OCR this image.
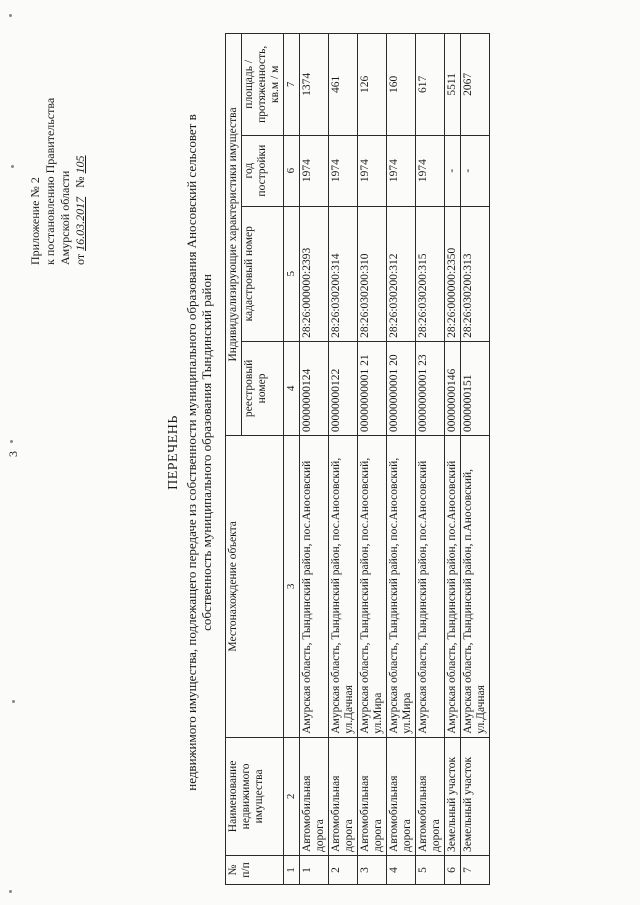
3
Приложение № 2 к постановлению Правительства Амурской области от 16.03.2017   № 105
ПЕРЕЧЕНЬ недвижимого имущества, подлежащего передаче из собственности муниципального образования Аносовский сельсовет в собственность муниципального образования Тындинский район
№ п/п	Наименование недвижимого имущества	Местонахождение объекта	Индивидуализирующие характеристики имущества			
			реестровый номер	кадастровый номер	год постройки	площадь / протяженность, кв.м / м
1	2	3	4	5	6	7
1	Автомобильная дорога	Амурская область, Тындинский район, пос.Аносовский	00000000124	28:26:000000:2393	1974	1374
2	Автомобильная дорога	Амурская область, Тындинский район, пос.Аносовский, ул.Дачная	00000000122	28:26:030200:314	1974	461
3	Автомобильная дорога	Амурская область, Тындинский район, пос.Аносовский, ул.Мира	00000000001 21	28:26:030200:310	1974	126
4	Автомобильная дорога	Амурская область, Тындинский район, пос.Аносовский, ул.Мира	00000000001 20	28:26:030200:312	1974	160
5	Автомобильная дорога	Амурская область, Тындинский район, пос.Аносовский	00000000001 23	28:26:030200:315	1974	617
6	Земельный участок	Амурская область, Тындинский район, пос.Аносовский	00000000146	28:26:000000:2350	-	5511
7	Земельный участок	Амурская область, Тындинский район, п.Аносовский, ул.Дачная	0000000151	28:26:030200:313	-	2067
